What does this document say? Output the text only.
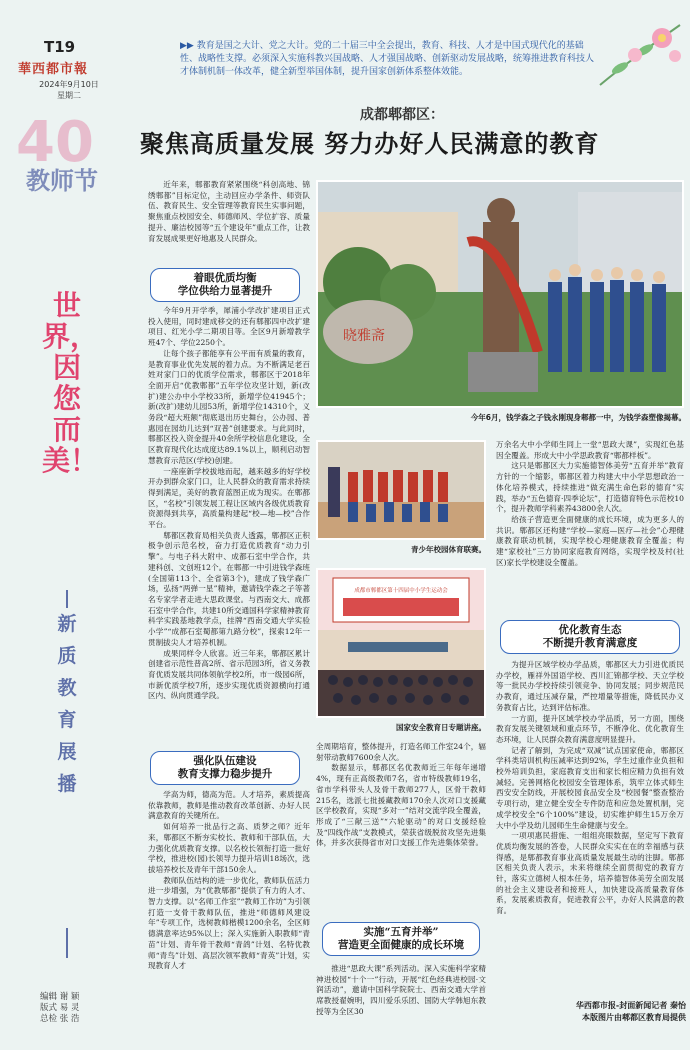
T19
華西都市報
2024年9月10日
星期二
▶▶ 教育是国之大计、党之大计。党的二十届三中全会提出，教育、科技、人才是中国式现代化的基础性、战略性支撑。必须深入实施科教兴国战略、人才强国战略、创新驱动发展战略，统筹推进教育科技人才体制机制一体改革，健全新型举国体制，提升国家创新体系整体效能。
40
教师节
成都郫都区：
聚焦高质量发展 努力办好人民满意的教育
世界，因您而美！
新质教育展播
编辑 谢 颖
版式 易 灵
总检 张 浩
近年来，郫都教育紧紧围绕“科创高地、锦绣郫都”目标定位，主动回应办学条件、师资队伍、教育民生、安全管理等教育民生实事问题，聚焦重点校园安全、师德师风、学位扩容、质量提升、廉洁校园等“五个建设年”重点工作，让教育发展成果更好地惠及人民群众。
着眼优质均衡
学位供给力显著提升

今年9月开学季，犀浦小学改扩建项目正式投入使用，同时建成移交的还有郫都四中改扩建项目、红光小学二期项目等。全区9月新增教学班47个、学位2250个。

让每个孩子都能享有公平而有质量的教育，是教育事业优先发展的着力点。为不断满足老百姓对家门口的优质学位需求，郫都区于2018年全面开启“优教郫都”五年学位攻坚计划，新(改扩)建公办中小学校33所，新增学位41945个；新(改扩)建幼儿园53所，新增学位14310个，义务段“超大班额”彻底退出历史舞台，公办园、普惠园在园幼儿达到“双普”创建要求。与此同时，郫都区投入资金提升40余所学校信息化建设，全区教育现代化达成度达89.1%以上，顺利启动智慧教育示范区(学校)创建。

一座座新学校拔地而起，越来越多的好学校开办到群众家门口，让人民群众的教育需求持续得到满足，美好的教育蓝图正成为现实。在郫都区，“名校”引领发展工程让区域内各级优质教育资源得到共享，高质量构建起“校—地—校”合作平台。

郫都区教育局相关负责人透露，郫都区正积极争创示范名校，奋力打造优质教育“动力引擎”。与电子科大附中、成都石室中学合作，共建科创、文创班12个。在郫都一中引进钱学森班(全国第113个、全省第3个)，建成了钱学森广场，弘扬“两弹一星”精神，邀请钱学森之子等著名专家学者走进大思政课堂。与西南交大、成都石室中学合作，共建10所交通国科学家精神教育科学实践基地教学点，挂牌“西南交通大学实验小学”“成都石室蜀都第九路分校”，探索12年一贯制拔尖人才培养机制。

成果同样令人欣喜。近三年来，郫都区累计创建省示范性普高2所、省示范园3所，省义务教育优质发展共同体领航学校2所，市一级园6所，市新优质学校7所，逐步实现优质资源横向打通区内、纵向贯通学段。

强化队伍建设
教育支撑力稳步提升

学高为师，德高为范。人才培养，素质提高依靠教师，教师是推动教育改革创新、办好人民满意教育的关键所在。

如何培养一批品行之高、质梦之师？近年来，郫都区不断夯实校长、教师和干部队伍，大力强化优质教育支撑。以名校长领衔打造一批好学校，推进校(园)长领导力提升培训18场次，选拔培养校长及青年干部150余人。

教师队伍结构的进一步优化，教师队伍活力进一步增强，为“优教郫都”提供了有力的人才、智力支撑。以“名师工作室”“教师工作坊”为引领打造一支骨干教师队伍，推进“师德师风建设年”专项工作，选树教师楷模1200余名，全区师德满意率达95%以上；深入实施新入职教师“青苗”计划、青年骨干教师“青鸽”计划、名特优教师“青鸟”计划、高层次领军教师“青英”计划，实现教育人才

晓雅斋
今年6月，钱学森之子钱永刚现身郫都一中，为钱学森塑像揭幕。
青少年校园体育联赛。
成都市郫都区第十四届中小学生运动会
国家安全教育日专题讲座。

全周期培育，整体提升，打造名师工作室24个，辐射带动教师7600余人次。

数据显示，郫都区名优教师近三年每年递增4%，现有正高级教师7名，省市特级教师19名，省市学科带头人及骨干教师277人，区骨干教师215名，选派七批援藏教师170余人次对口支援藏区学校教育，实现“多对一”结对交流学段全覆盖，形成了“三献三送”“六轮驱动”的对口支援经验及“四线作战”支教模式，荣获省级脱贫攻坚先进集体，并多次获得省市对口支援工作先进集体荣誉。

实施“五育并举”
营造更全面健康的成长环境

推进“思政大课”系列活动。深入实施科学家精神进校园“十个一”行动，开展“红色经典进校园·文润活动”，邀请中国科学院院士、西南交通大学首席教授翟婉明，四川爱乐乐团、国防大学韩旭东教授等为全区30

万余名大中小学师生同上一堂“思政大课”，实现红色基因全覆盖。形成大中小学思政教育“郫都样板”。

这只是郫都区大力实施德智体美劳“五育并举”教育方针的一个缩影，郫都区着力构建大中小学思想政治一体化培养模式，持续推进“做充满生命色彩的德育”实践，举办“五色德育·四季论坛”，打造德育特色示范校10个，提升教师学科素养43800余人次。

给孩子营造更全面健康的成长环境，成为更多人的共识。郫都区还构建“学校—家庭—医疗—社会”心理健康教育联动机制，实现学校心理健康教育全覆盖；构建“家校社”三方协同家庭教育网络，实现学校及村(社区)家长学校建设全覆盖。

优化教育生态
不断提升教育满意度

为提升区域学校办学品质，郫都区大力引进优质民办学校，雁祥外国语学校、西川汇锦都学校、天立学校等一批民办学校持续引领竞争、协同发展；同步规范民办教育，通过压减存量，严控增量等措施，降低民办义务教育占比，达到评估标准。

一方面，提升区域学校办学品质，另一方面，围绕教育发展关键领域和重点环节，不断净化、优化教育生态环境，让人民群众教育满意度明显提升。

记者了解到，为完成“双减”试点国家使命，郫都区学科类培训机构压减率达到92%，学生过重作业负担和校外培训负担，家庭教育支出和家长相应精力负担有效减轻。完善网格化校园安全管理体系，筑牢立体式师生西安安全防线，开展校园食品安全及“校园餐”整查整治专项行动，建立健全安全专件防范和应急处置机制，完成学校安全“6个100%”建设，切实维护师生15万余万大中小学及幼儿园师生生命健康与安全。

一项项惠民措施、一组组亮眼数据，坚定写下教育优质均衡发展的答卷，人民群众实实在在的幸福感与获得感，是郫都教育事业高质量发展最生动的注脚。郫都区相关负责人表示，未来将继续全面贯彻党的教育方针，落实立德树人根本任务，培养德智体美劳全面发展的社会主义建设者和接班人，加快建设高质量教育体系，发展素质教育，促进教育公平，办好人民满意的教育。

华西都市报-封面新闻记者 秦怡
本版图片由郫都区教育局提供
